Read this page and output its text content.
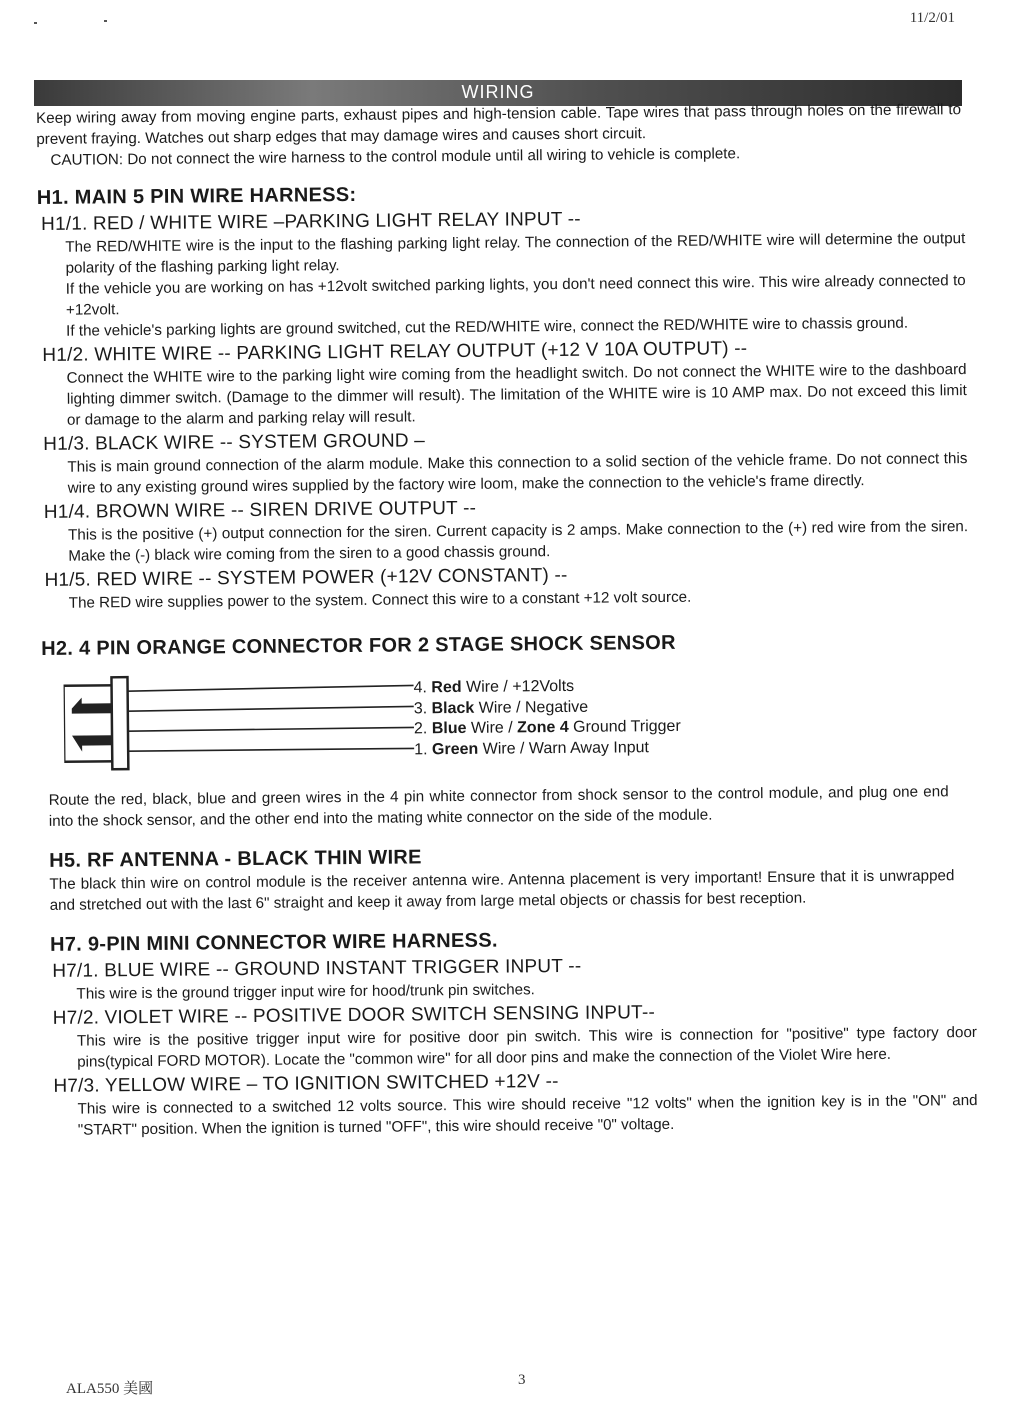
11/2/01
WIRING

Keep wiring away from moving engine parts, exhaust pipes and high-tension cable. Tape wires that pass through holes on the firewall to prevent fraying. Watches out sharp edges that may damage wires and causes short circuit.

CAUTION: Do not connect the wire harness to the control module until all wiring to vehicle is complete.

H1. MAIN 5 PIN WIRE HARNESS:
H1/1. RED / WHITE WIRE –PARKING LIGHT RELAY INPUT --

The RED/WHITE wire is the input to the flashing parking light relay. The connection of the RED/WHITE wire will determine the output polarity of the flashing parking light relay.

If the vehicle you are working on has +12volt switched parking lights, you don't need connect this wire. This wire already connected to +12volt.

If the vehicle's parking lights are ground switched, cut the RED/WHITE wire, connect the RED/WHITE wire to chassis ground.

H1/2. WHITE WIRE -- PARKING LIGHT RELAY OUTPUT (+12 V 10A OUTPUT) --

Connect the WHITE wire to the parking light wire coming from the headlight switch. Do not connect the WHITE wire to the dashboard lighting dimmer switch. (Damage to the dimmer will result). The limitation of the WHITE wire is 10 AMP max. Do not exceed this limit or damage to the alarm and parking relay will result.

H1/3. BLACK WIRE -- SYSTEM GROUND –

This is main ground connection of the alarm module. Make this connection to a solid section of the vehicle frame. Do not connect this wire to any existing ground wires supplied by the factory wire loom, make the connection to the vehicle's frame directly.

H1/4. BROWN WIRE -- SIREN DRIVE OUTPUT --

This is the positive (+) output connection for the siren. Current capacity is 2 amps. Make connection to the (+) red wire from the siren. Make the (-) black wire coming from the siren to a good chassis ground.

H1/5. RED WIRE -- SYSTEM POWER (+12V CONSTANT) --

The RED wire supplies power to the system. Connect this wire to a constant +12 volt source.

H2. 4 PIN ORANGE CONNECTOR FOR 2 STAGE SHOCK SENSOR
4. Red Wire / +12Volts
3. Black Wire / Negative
2. Blue Wire / Zone 4 Ground Trigger
1. Green Wire / Warn Away Input

Route the red, black, blue and green wires in the 4 pin white connector from shock sensor to the control module, and plug one end into the shock sensor, and the other end into the mating white connector on the side of the module.

H5. RF ANTENNA - BLACK THIN WIRE

The black thin wire on control module is the receiver antenna wire. Antenna placement is very important! Ensure that it is unwrapped and stretched out with the last 6" straight and keep it away from large metal objects or chassis for best reception.

H7. 9-PIN MINI CONNECTOR WIRE HARNESS.
H7/1. BLUE WIRE -- GROUND INSTANT TRIGGER INPUT --

This wire is the ground trigger input wire for hood/trunk pin switches.

H7/2. VIOLET WIRE -- POSITIVE DOOR SWITCH SENSING INPUT--

This wire is the positive trigger input wire for positive door pin switch. This wire is connection for "positive" type factory door pins(typical FORD MOTOR). Locate the "common wire" for all door pins and make the connection of the Violet Wire here.

H7/3. YELLOW WIRE – TO IGNITION SWITCHED +12V --

This wire is connected to a switched 12 volts source. This wire should receive "12 volts" when the ignition key is in the "ON" and "START" position. When the ignition is turned "OFF", this wire should receive "0" voltage.

ALA550 美國
3
